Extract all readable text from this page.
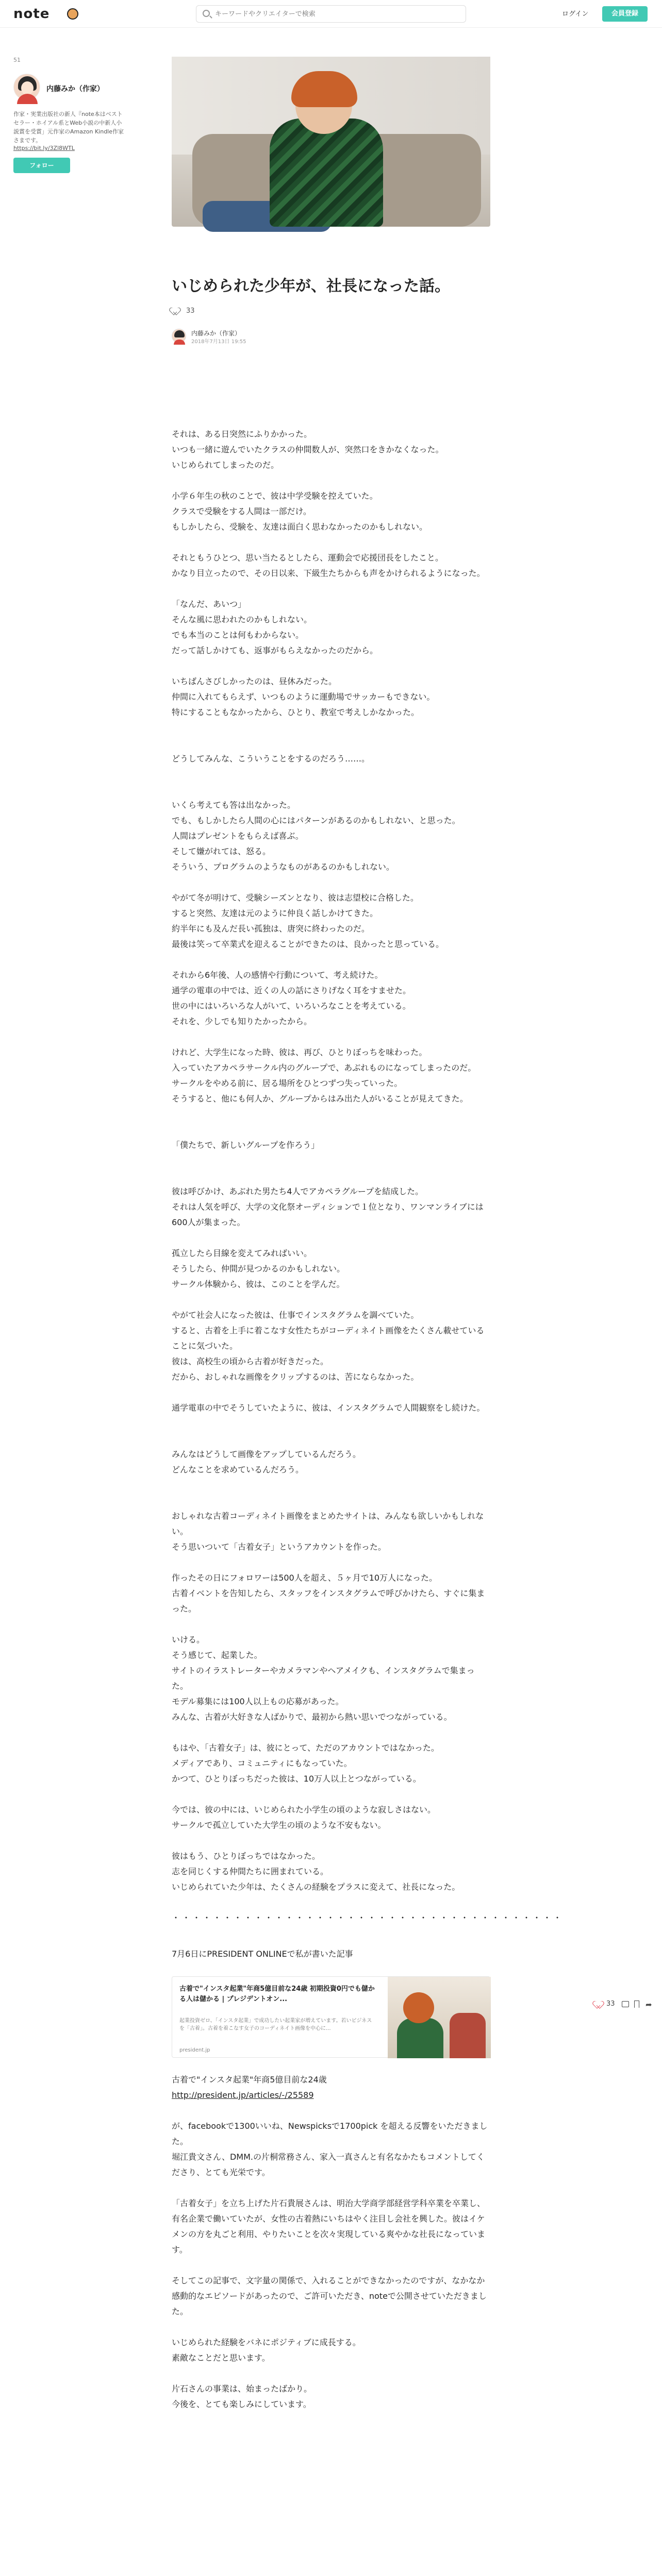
note
キーワードやクリエイターで検索	ログイン	会員登録
51
内藤みか（作家）
作家・実業出版社の新人『note本はベストセラー・ホイアル系とWeb小説の中新人小説賞を受賞」元作家のAmazon Kindle作家さまです。
https://bit.ly/3Zl8WTL
フォロー
いじめられた少年が、社長になった話。
33
内藤みか（作家）
2018年7月13日 19:55

それは、ある日突然にふりかかった。
いつも一緒に遊んでいたクラスの仲間数人が、突然口をきかなくなった。
いじめられてしまったのだ。

小学６年生の秋のことで、彼は中学受験を控えていた。
クラスで受験をする人間は一部だけ。
もしかしたら、受験を、友達は面白く思わなかったのかもしれない。

それともうひとつ、思い当たるとしたら、運動会で応援団長をしたこと。
かなり目立ったので、その日以来、下級生たちからも声をかけられるようになった。

「なんだ、あいつ」
そんな風に思われたのかもしれない。
でも本当のことは何もわからない。
だって話しかけても、返事がもらえなかったのだから。

いちばんさびしかったのは、昼休みだった。
仲間に入れてもらえず、いつものように運動場でサッカーもできない。
特にすることもなかったから、ひとり、教室で考えしかなかった。

どうしてみんな、こういうことをするのだろう……。

いくら考えても答は出なかった。
でも、もしかしたら人間の心にはパターンがあるのかもしれない、と思った。
人間はプレゼントをもらえば喜ぶ。
そして嫌がれては、怒る。
そういう、プログラムのようなものがあるのかもしれない。

やがて冬が明けて、受験シーズンとなり、彼は志望校に合格した。
すると突然、友達は元のように仲良く話しかけてきた。
約半年にも及んだ長い孤独は、唐突に終わったのだ。
最後は笑って卒業式を迎えることができたのは、良かったと思っている。

それから6年後、人の感情や行動について、考え続けた。
通学の電車の中では、近くの人の話にさりげなく耳をすませた。
世の中にはいろいろな人がいて、いろいろなことを考えている。
それを、少しでも知りたかったから。

けれど、大学生になった時、彼は、再び、ひとりぼっちを味わった。
入っていたアカペラサークル内のグループで、あぶれものになってしまったのだ。
サークルをやめる前に、居る場所をひとつずつ失っていった。
そうすると、他にも何人か、グループからはみ出た人がいることが見えてきた。

「僕たちで、新しいグループを作ろう」

彼は呼びかけ、あぶれた男たち4人でアカペラグループを結成した。
それは人気を呼び、大学の文化祭オーディションで１位となり、ワンマンライブには600人が集まった。

孤立したら目線を変えてみればいい。
そうしたら、仲間が見つかるのかもしれない。
サークル体験から、彼は、このことを学んだ。

やがて社会人になった彼は、仕事でインスタグラムを調べていた。
すると、古着を上手に着こなす女性たちがコーディネイト画像をたくさん載せていることに気づいた。
彼は、高校生の頃から古着が好きだった。
だから、おしゃれな画像をクリップするのは、苦にならなかった。

通学電車の中でそうしていたように、彼は、インスタグラムで人間観察をし続けた。

みんなはどうして画像をアップしているんだろう。
どんなことを求めているんだろう。

おしゃれな古着コーディネイト画像をまとめたサイトは、みんなも欲しいかもしれない。
そう思いついて「古着女子」というアカウントを作った。

作ったその日にフォロワーは500人を超え、５ヶ月で10万人になった。
古着イベントを告知したら、スタッフをインスタグラムで呼びかけたら、すぐに集まった。

いける。
そう感じて、起業した。
サイトのイラストレーターやカメラマンやヘアメイクも、インスタグラムで集まった。
モデル募集には100人以上もの応募があった。
みんな、古着が大好きな人ばかりで、最初から熱い思いでつながっている。

もはや、「古着女子」は、彼にとって、ただのアカウントではなかった。
メディアであり、コミュニティにもなっていた。
かつて、ひとりぼっちだった彼は、10万人以上とつながっている。

今では、彼の中には、いじめられた小学生の頃のような寂しさはない。
サークルで孤立していた大学生の頃のような不安もない。

彼はもう、ひとりぼっちではなかった。
志を同じくする仲間たちに囲まれている。
いじめられていた少年は、たくさんの経験をプラスに変えて、社長になった。

・・・・・・・・・・・・・・・・・・・・・・・・・・・・・・・・・・・・・・

7月6日にPRESIDENT ONLINEで私が書いた記事

古着で"インスタ起業"年商5億目前な24歳 初期投資0円でも儲かる人は儲かる | プレジデントオン...
起業投資ゼロ、「インスタ起業」で成功したい起業家が増えています。若いビジネスを「古着」。古着を着こなす女子のコーディネイト画像を中心に...
president.jp

古着で"インスタ起業"年商5億目前な24歳

http://president.jp/articles/-/25589

が、facebookで1300いいね、Newspicksで1700pick を超える反響をいただきました。
堀江貴文さん、DMM.の片桐常務さん、家入一真さんと有名なかたもコメントしてくださり、とても光栄です。

「古着女子」を立ち上げた片石貴展さんは、明治大学商学部経営学科卒業を卒業し、有名企業で働いていたが、女性の古着熱にいちはやく注目し会社を興した。彼はイケメンの方を丸ごと利用、やりたいことを次々実現している爽やかな社長になっています。

そしてこの記事で、文字量の関係で、入れることができなかったのですが、なかなか感動的なエピソードがあったので、ご許可いただき、noteで公開させていただきました。

いじめられた経験をバネにポジティブに成長する。
素敵なことだと思います。

片石さんの事業は、始まったばかり。
今後を、とても楽しみにしています。

33	➦
